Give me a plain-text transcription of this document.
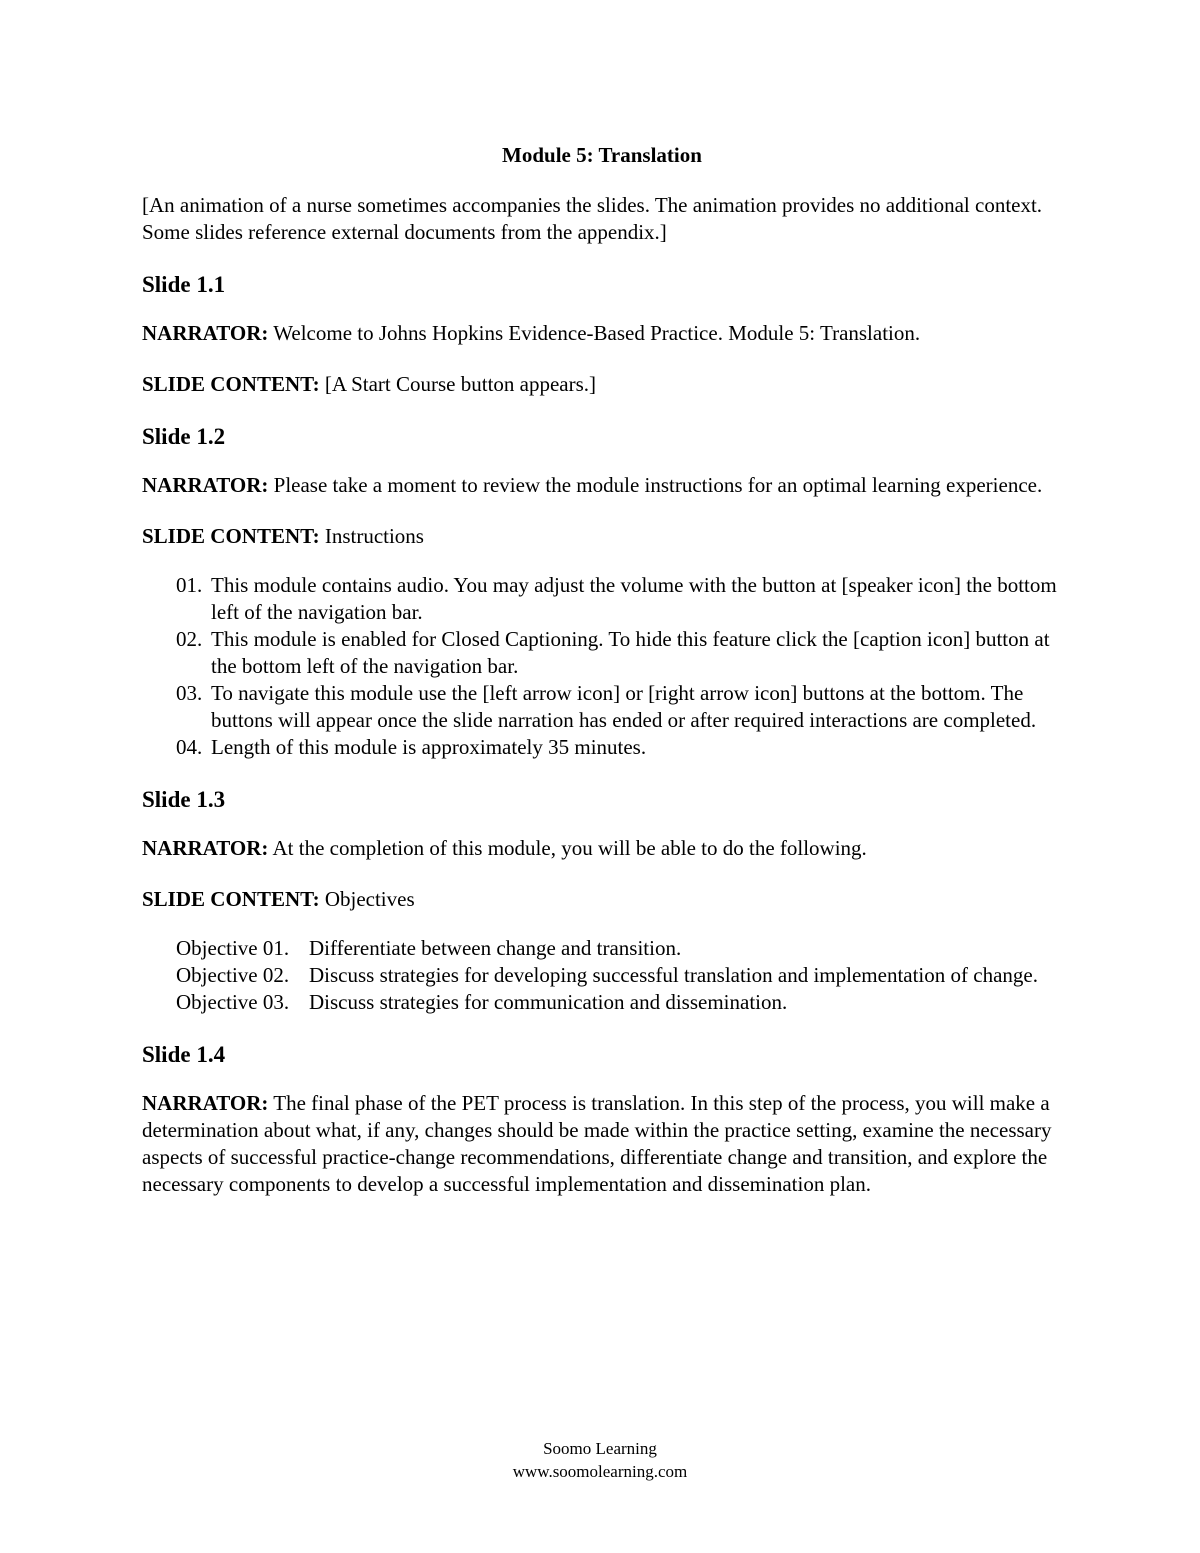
Module 5: Translation
[An animation of a nurse sometimes accompanies the slides. The animation provides no additional context. Some slides reference external documents from the appendix.]
Slide 1.1
NARRATOR: Welcome to Johns Hopkins Evidence-Based Practice. Module 5: Translation.
SLIDE CONTENT: [A Start Course button appears.]
Slide 1.2
NARRATOR: Please take a moment to review the module instructions for an optimal learning experience.
SLIDE CONTENT: Instructions
01. This module contains audio. You may adjust the volume with the button at [speaker icon] the bottom left of the navigation bar.
02. This module is enabled for Closed Captioning. To hide this feature click the [caption icon] button at the bottom left of the navigation bar.
03. To navigate this module use the [left arrow icon] or [right arrow icon] buttons at the bottom. The buttons will appear once the slide narration has ended or after required interactions are completed.
04. Length of this module is approximately 35 minutes.
Slide 1.3
NARRATOR: At the completion of this module, you will be able to do the following.
SLIDE CONTENT: Objectives
Objective 01. Differentiate between change and transition.
Objective 02. Discuss strategies for developing successful translation and implementation of change.
Objective 03. Discuss strategies for communication and dissemination.
Slide 1.4
NARRATOR: The final phase of the PET process is translation. In this step of the process, you will make a determination about what, if any, changes should be made within the practice setting, examine the necessary aspects of successful practice-change recommendations, differentiate change and transition, and explore the necessary components to develop a successful implementation and dissemination plan.
Soomo Learning
www.soomolearning.com
